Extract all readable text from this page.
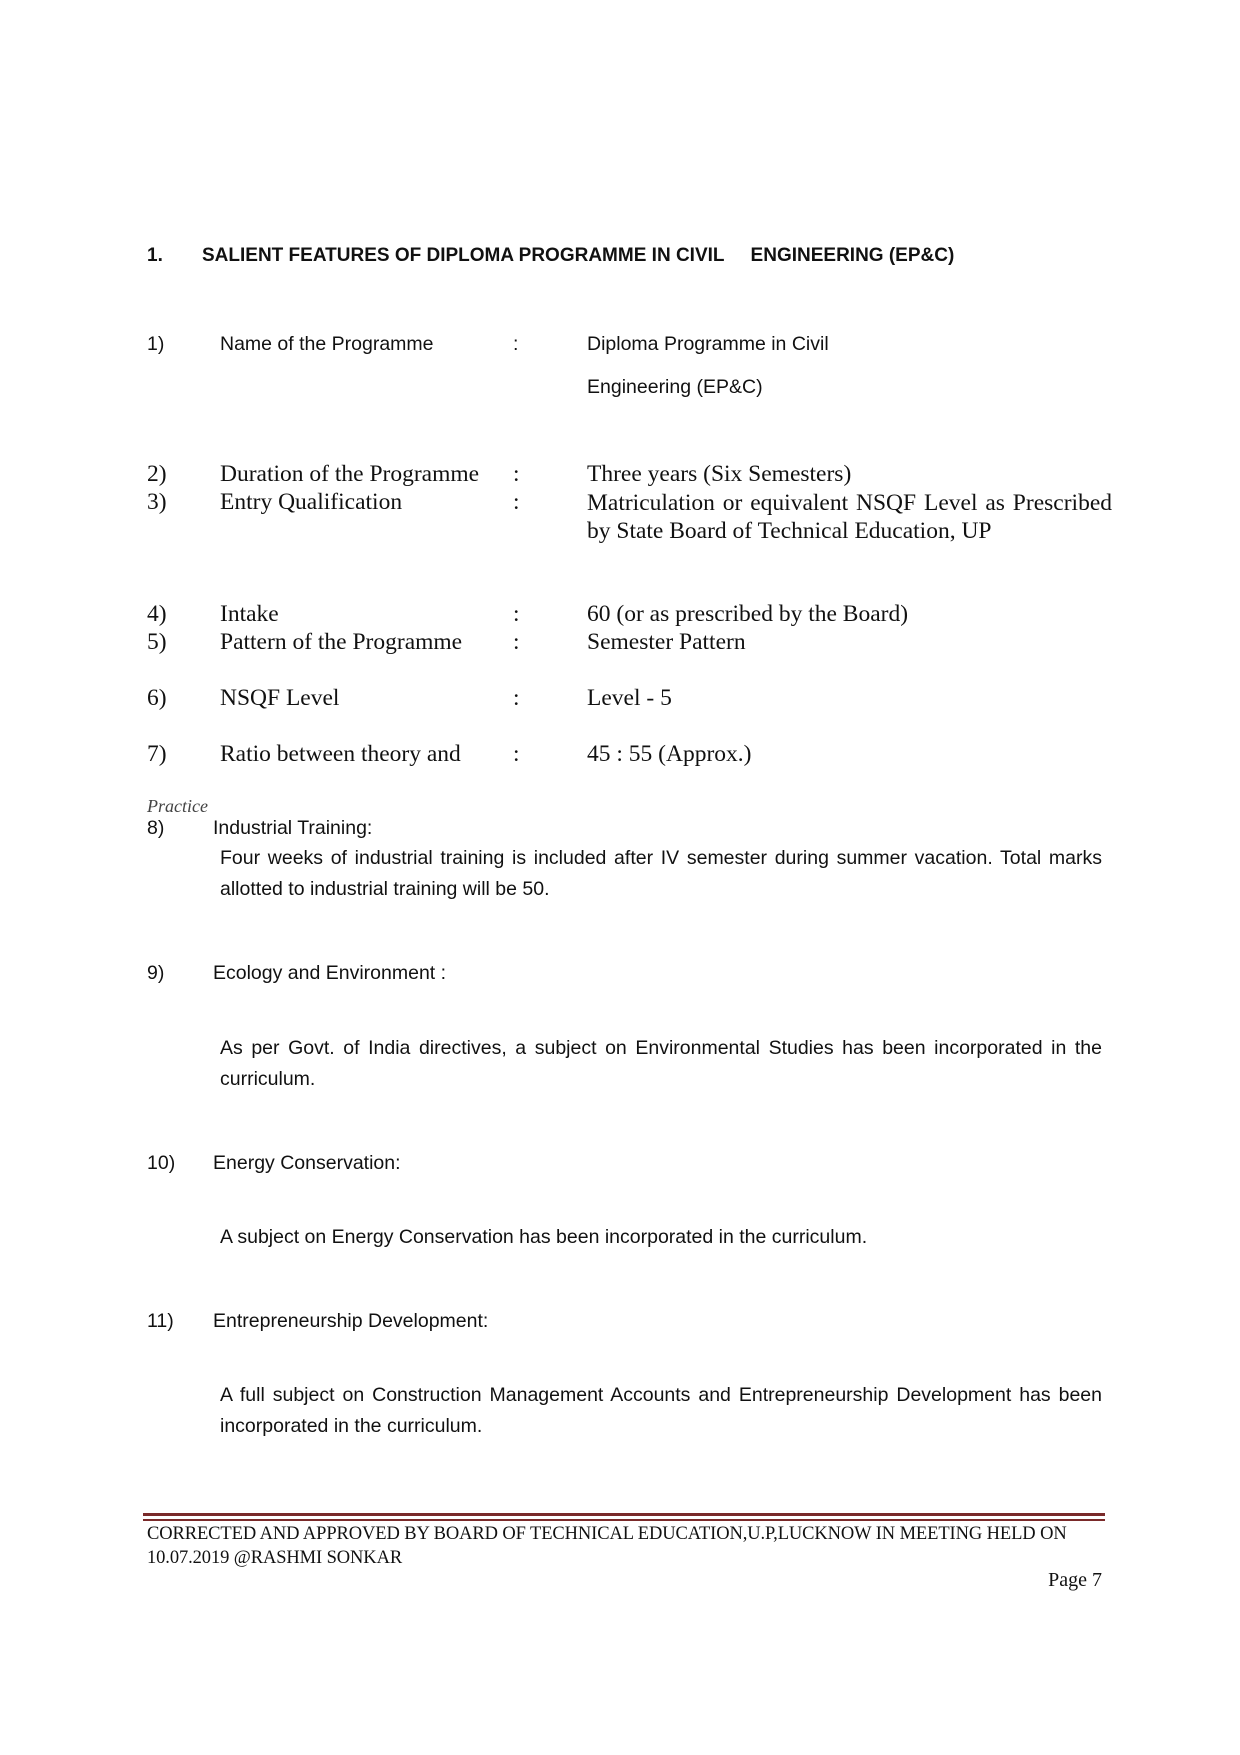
1. SALIENT FEATURES OF DIPLOMA PROGRAMME IN CIVIL     ENGINEERING (EP&C)
1)	Name of the Programme	:	Diploma Programme in Civil
Engineering (EP&C)
2) Duration of the Programme :	Three years (Six Semesters)
3) Entry Qualification	:	Matriculation or equivalent NSQF Level as Prescribed by State Board of Technical Education, UP
4) Intake	:	60 (or as prescribed by the Board)
5) Pattern of the Programme :	Semester Pattern
6) NSQF Level	:	Level - 5
7) Ratio between theory and :	45 : 55 (Approx.)
Practice
8) Industrial Training:
Four weeks of industrial training is included after IV semester during summer vacation. Total marks allotted to industrial training will be 50.
9) Ecology and Environment :
As per Govt. of India directives, a subject on Environmental Studies has been incorporated in the curriculum.
10) Energy Conservation:
A subject on Energy Conservation has been incorporated in the curriculum.
11) Entrepreneurship Development:
A full subject on Construction Management Accounts and Entrepreneurship Development has been incorporated in the curriculum.
CORRECTED AND APPROVED BY BOARD OF TECHNICAL EDUCATION,U.P,LUCKNOW IN MEETING HELD ON
10.07.2019 @RASHMI SONKAR
Page 7
